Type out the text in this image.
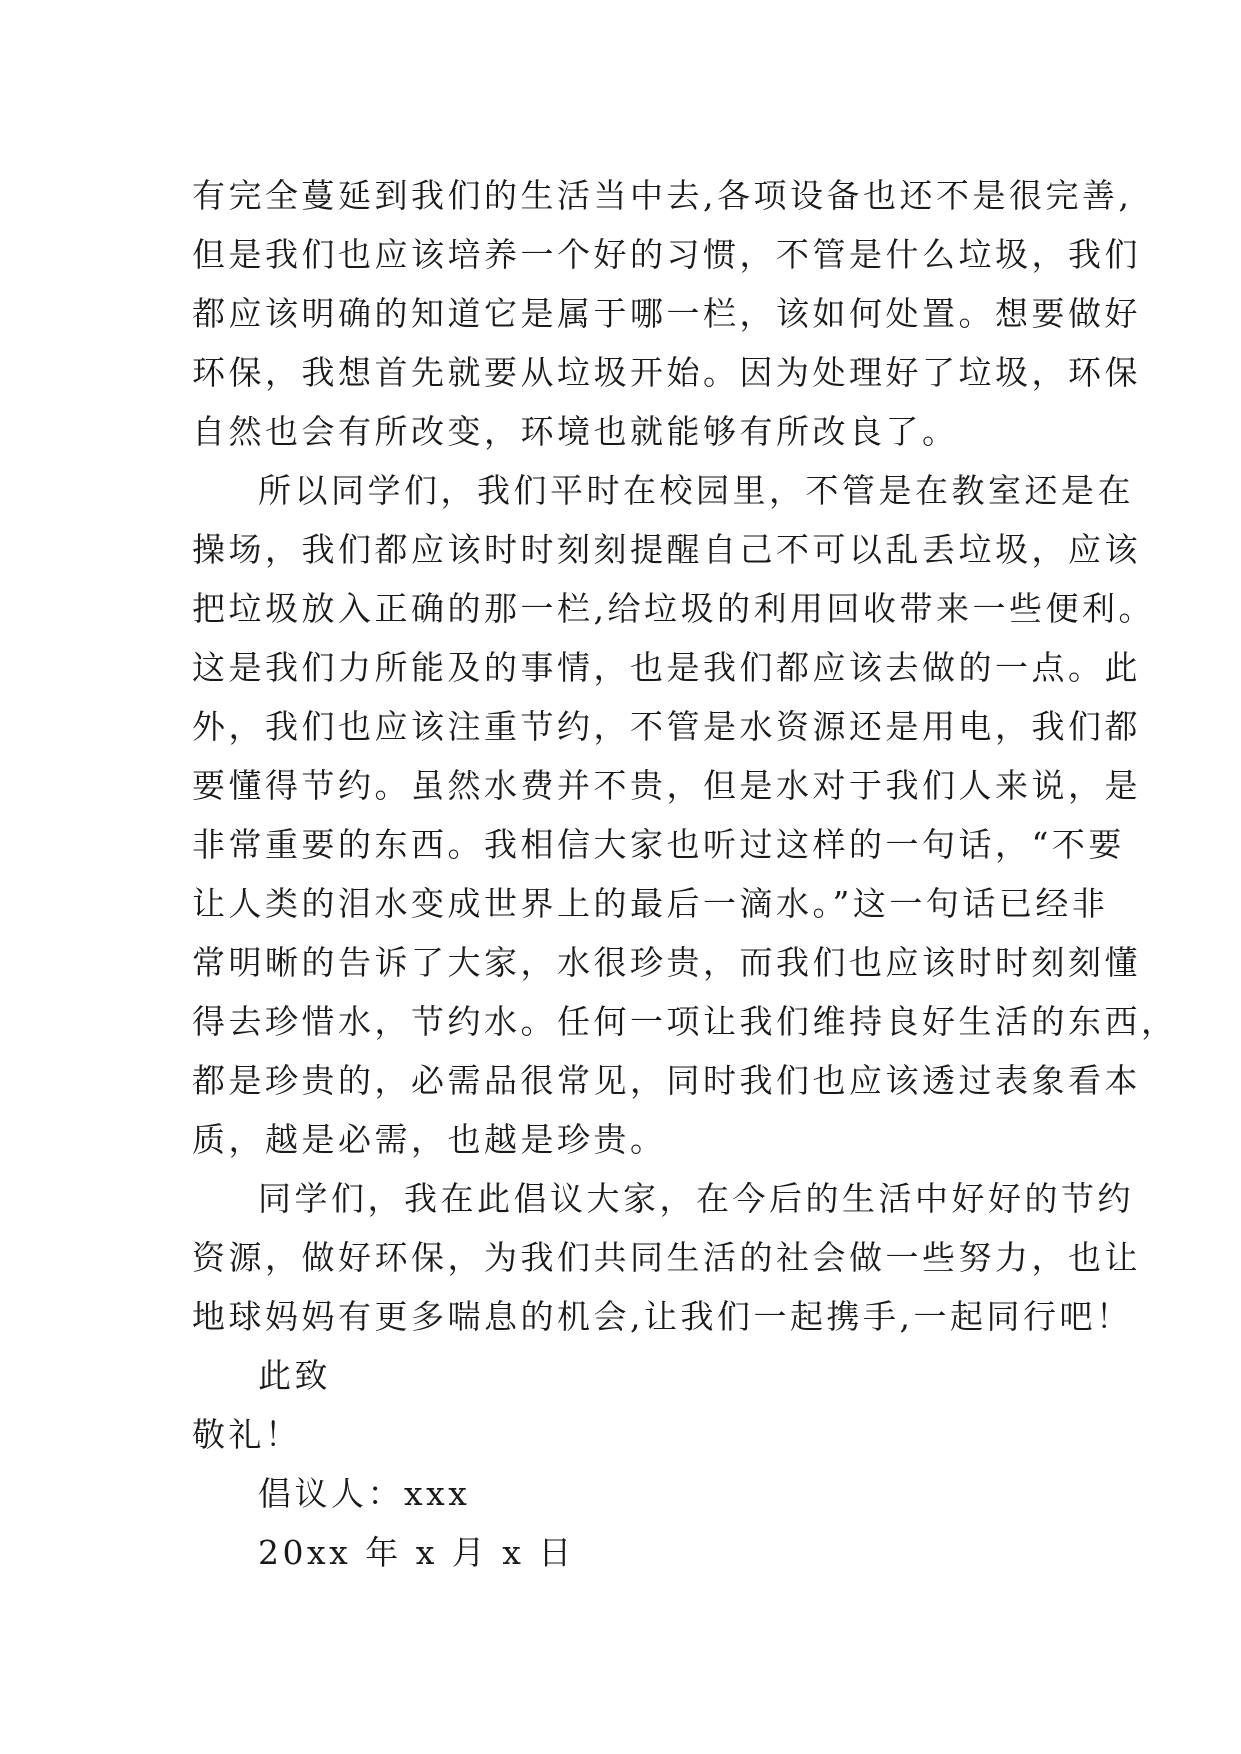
有完全蔓延到我们的生活当中去,各项设备也还不是很完善,
但是我们也应该培养一个好的习惯，不管是什么垃圾，我们
都应该明确的知道它是属于哪一栏，该如何处置。想要做好
环保，我想首先就要从垃圾开始。因为处理好了垃圾，环保
自然也会有所改变，环境也就能够有所改良了。
所以同学们，我们平时在校园里，不管是在教室还是在
操场，我们都应该时时刻刻提醒自己不可以乱丢垃圾，应该
把垃圾放入正确的那一栏,给垃圾的利用回收带来一些便利。
这是我们力所能及的事情，也是我们都应该去做的一点。此
外，我们也应该注重节约，不管是水资源还是用电，我们都
要懂得节约。虽然水费并不贵，但是水对于我们人来说，是
非常重要的东西。我相信大家也听过这样的一句话，“不要
让人类的泪水变成世界上的最后一滴水。”这一句话已经非
常明晰的告诉了大家，水很珍贵，而我们也应该时时刻刻懂
得去珍惜水，节约水。任何一项让我们维持良好生活的东西，
都是珍贵的，必需品很常见，同时我们也应该透过表象看本
质，越是必需，也越是珍贵。
同学们，我在此倡议大家，在今后的生活中好好的节约
资源，做好环保，为我们共同生活的社会做一些努力，也让
地球妈妈有更多喘息的机会,让我们一起携手,一起同行吧！
此致
敬礼！
倡议人：xxx
20xx 年 x 月 x 日
